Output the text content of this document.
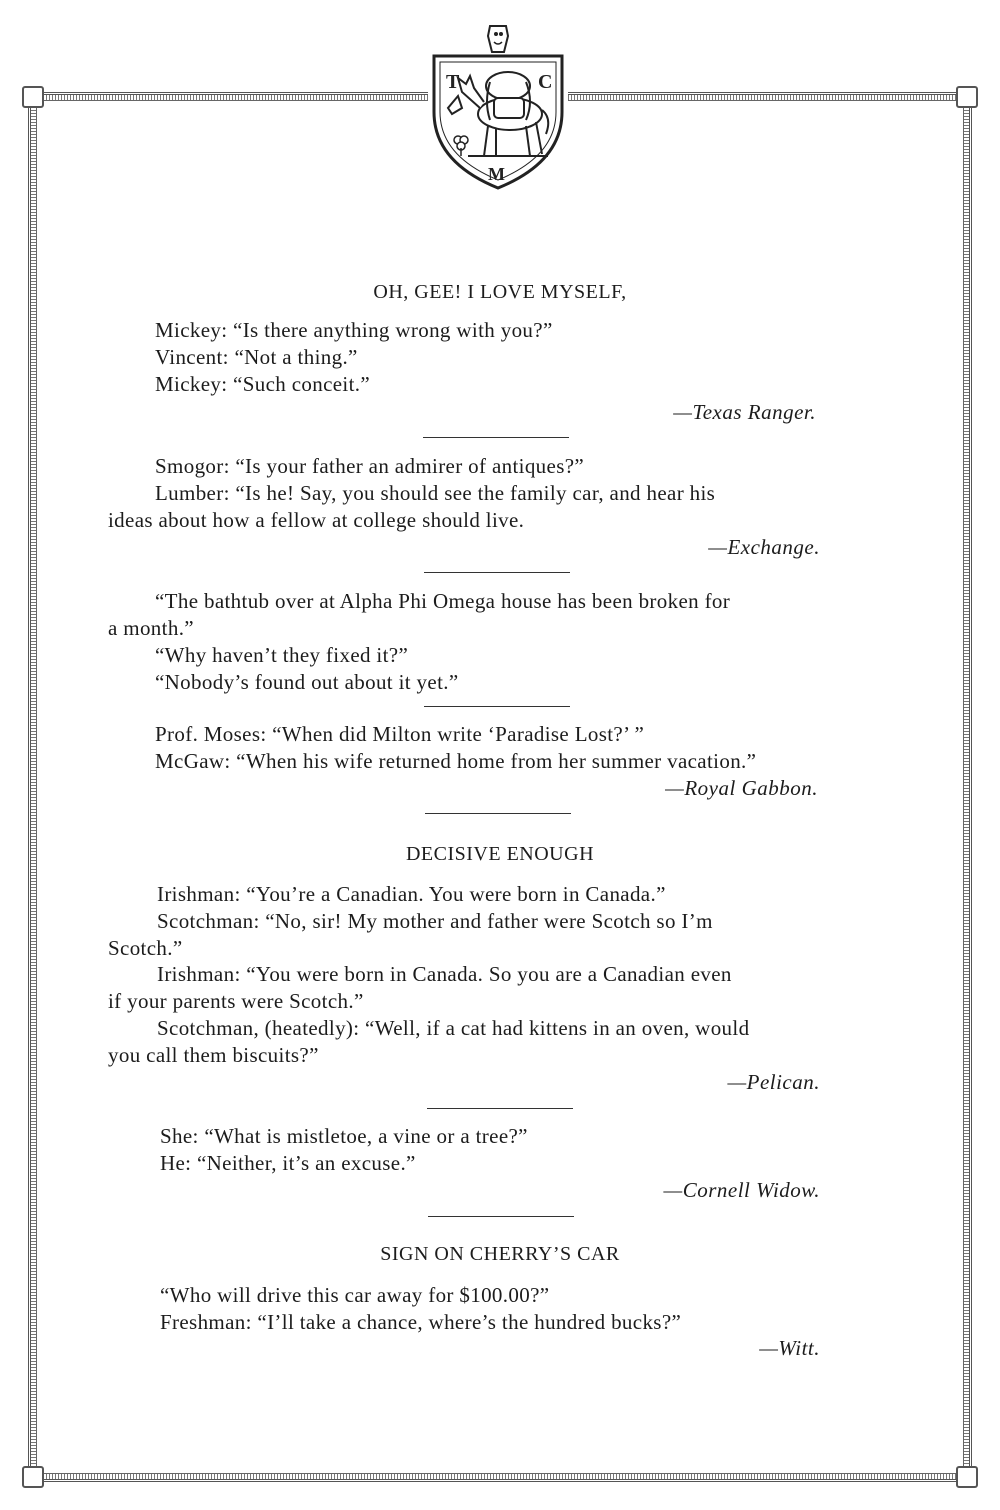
T	C
M
OH, GEE! I LOVE MYSELF,
Mickey: “Is there anything wrong with you?”
Vincent: “Not a thing.”
Mickey: “Such conceit.”
—Texas Ranger.
Smogor: “Is your father an admirer of antiques?”
Lumber: “Is he! Say, you should see the family car, and hear his
ideas about how a fellow at college should live.
—Exchange.
“The bathtub over at Alpha Phi Omega house has been broken for
a month.”
“Why haven’t they fixed it?”
“Nobody’s found out about it yet.”
Prof. Moses: “When did Milton write ‘Paradise Lost?’ ”
McGaw: “When his wife returned home from her summer vacation.”
—Royal Gabbon.
DECISIVE ENOUGH
Irishman: “You’re a Canadian. You were born in Canada.”
Scotchman: “No, sir! My mother and father were Scotch so I’m
Scotch.”
Irishman: “You were born in Canada. So you are a Canadian even
if your parents were Scotch.”
Scotchman, (heatedly): “Well, if a cat had kittens in an oven, would
you call them biscuits?”
—Pelican.
She: “What is mistletoe, a vine or a tree?”
He: “Neither, it’s an excuse.”
—Cornell Widow.
SIGN ON CHERRY’S CAR
“Who will drive this car away for $100.00?”
Freshman: “I’ll take a chance, where’s the hundred bucks?”
—Witt.
